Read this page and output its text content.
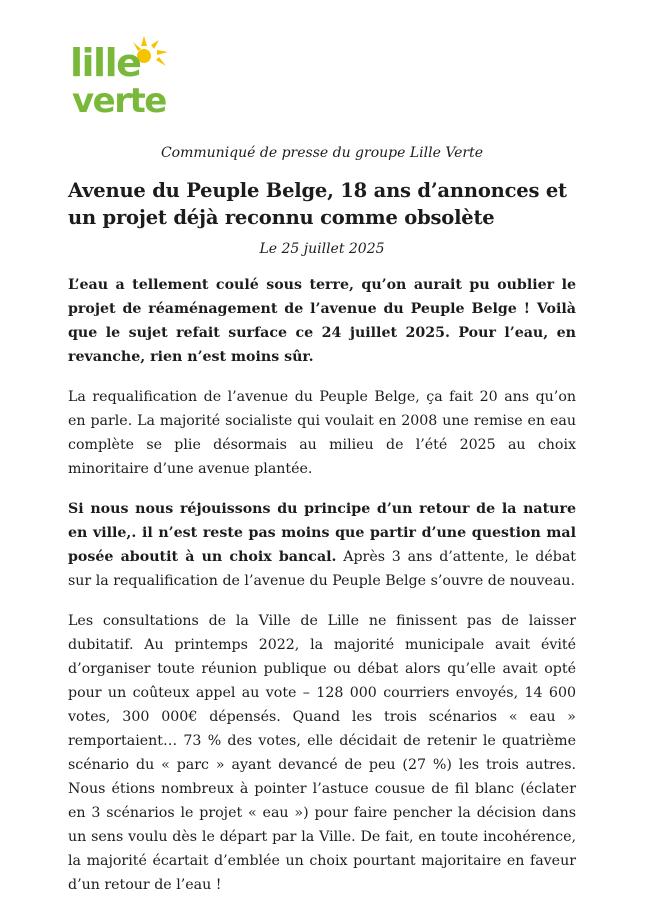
lille
verte
Communiqué de presse du groupe Lille Verte
Avenue du Peuple Belge, 18 ans d’annonces et un projet déjà reconnu comme obsolète
Le 25 juillet 2025

L’eau a tellement coulé sous terre, qu’on aurait pu oublier le projet de réaménagement de l’avenue du Peuple Belge ! Voilà que le sujet refait surface ce 24 juillet 2025. Pour l’eau, en revanche, rien n’est moins sûr.

La requalification de l’avenue du Peuple Belge, ça fait 20 ans qu’on en parle. La majorité socialiste qui voulait en 2008 une remise en eau complète se plie désormais au milieu de l’été 2025 au choix minoritaire d’une avenue plantée.

Si nous nous réjouissons du principe d’un retour de la nature en ville,. il n’est reste pas moins que partir d’une question mal posée aboutit à un choix bancal. Après 3 ans d’attente, le débat sur la requalification de l’avenue du Peuple Belge s’ouvre de nouveau.

Les consultations de la Ville de Lille ne finissent pas de laisser dubitatif. Au printemps 2022, la majorité municipale avait évité d’organiser toute réunion publique ou débat alors qu’elle avait opté pour un coûteux appel au vote – 128 000 courriers envoyés, 14 600 votes, 300 000€ dépensés. Quand les trois scénarios « eau » remportaient… 73 % des votes, elle décidait de retenir le quatrième scénario du « parc » ayant devancé de peu (27 %) les trois autres. Nous étions nombreux à pointer l’astuce cousue de fil blanc (éclater en 3 scénarios le projet « eau ») pour faire pencher la décision dans un sens voulu dès le départ par la Ville. De fait, en toute incohérence, la majorité écartait d’emblée un choix pourtant majoritaire en faveur d’un retour de l’eau !
